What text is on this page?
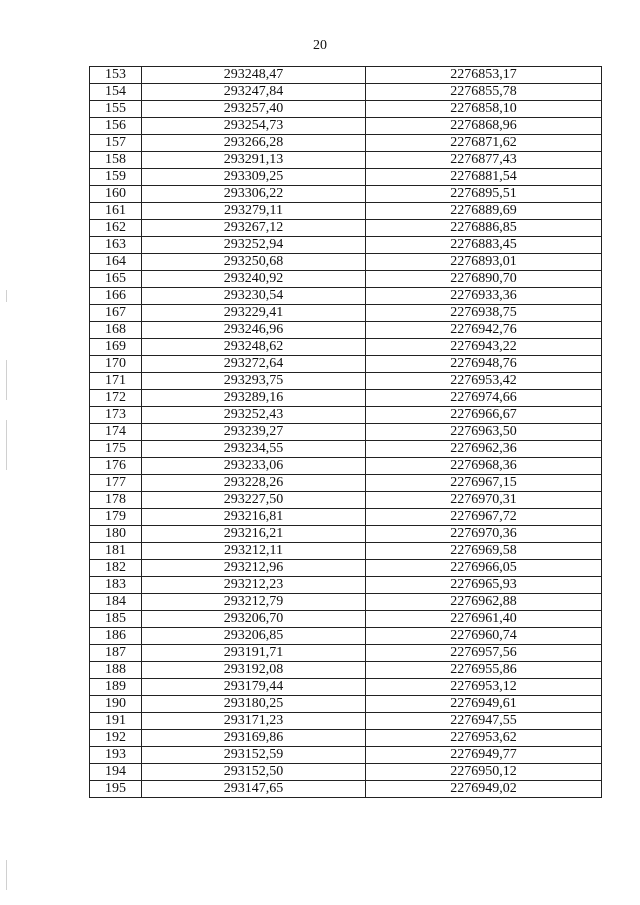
20
153	293248,47	2276853,17
154	293247,84	2276855,78
155	293257,40	2276858,10
156	293254,73	2276868,96
157	293266,28	2276871,62
158	293291,13	2276877,43
159	293309,25	2276881,54
160	293306,22	2276895,51
161	293279,11	2276889,69
162	293267,12	2276886,85
163	293252,94	2276883,45
164	293250,68	2276893,01
165	293240,92	2276890,70
166	293230,54	2276933,36
167	293229,41	2276938,75
168	293246,96	2276942,76
169	293248,62	2276943,22
170	293272,64	2276948,76
171	293293,75	2276953,42
172	293289,16	2276974,66
173	293252,43	2276966,67
174	293239,27	2276963,50
175	293234,55	2276962,36
176	293233,06	2276968,36
177	293228,26	2276967,15
178	293227,50	2276970,31
179	293216,81	2276967,72
180	293216,21	2276970,36
181	293212,11	2276969,58
182	293212,96	2276966,05
183	293212,23	2276965,93
184	293212,79	2276962,88
185	293206,70	2276961,40
186	293206,85	2276960,74
187	293191,71	2276957,56
188	293192,08	2276955,86
189	293179,44	2276953,12
190	293180,25	2276949,61
191	293171,23	2276947,55
192	293169,86	2276953,62
193	293152,59	2276949,77
194	293152,50	2276950,12
195	293147,65	2276949,02
